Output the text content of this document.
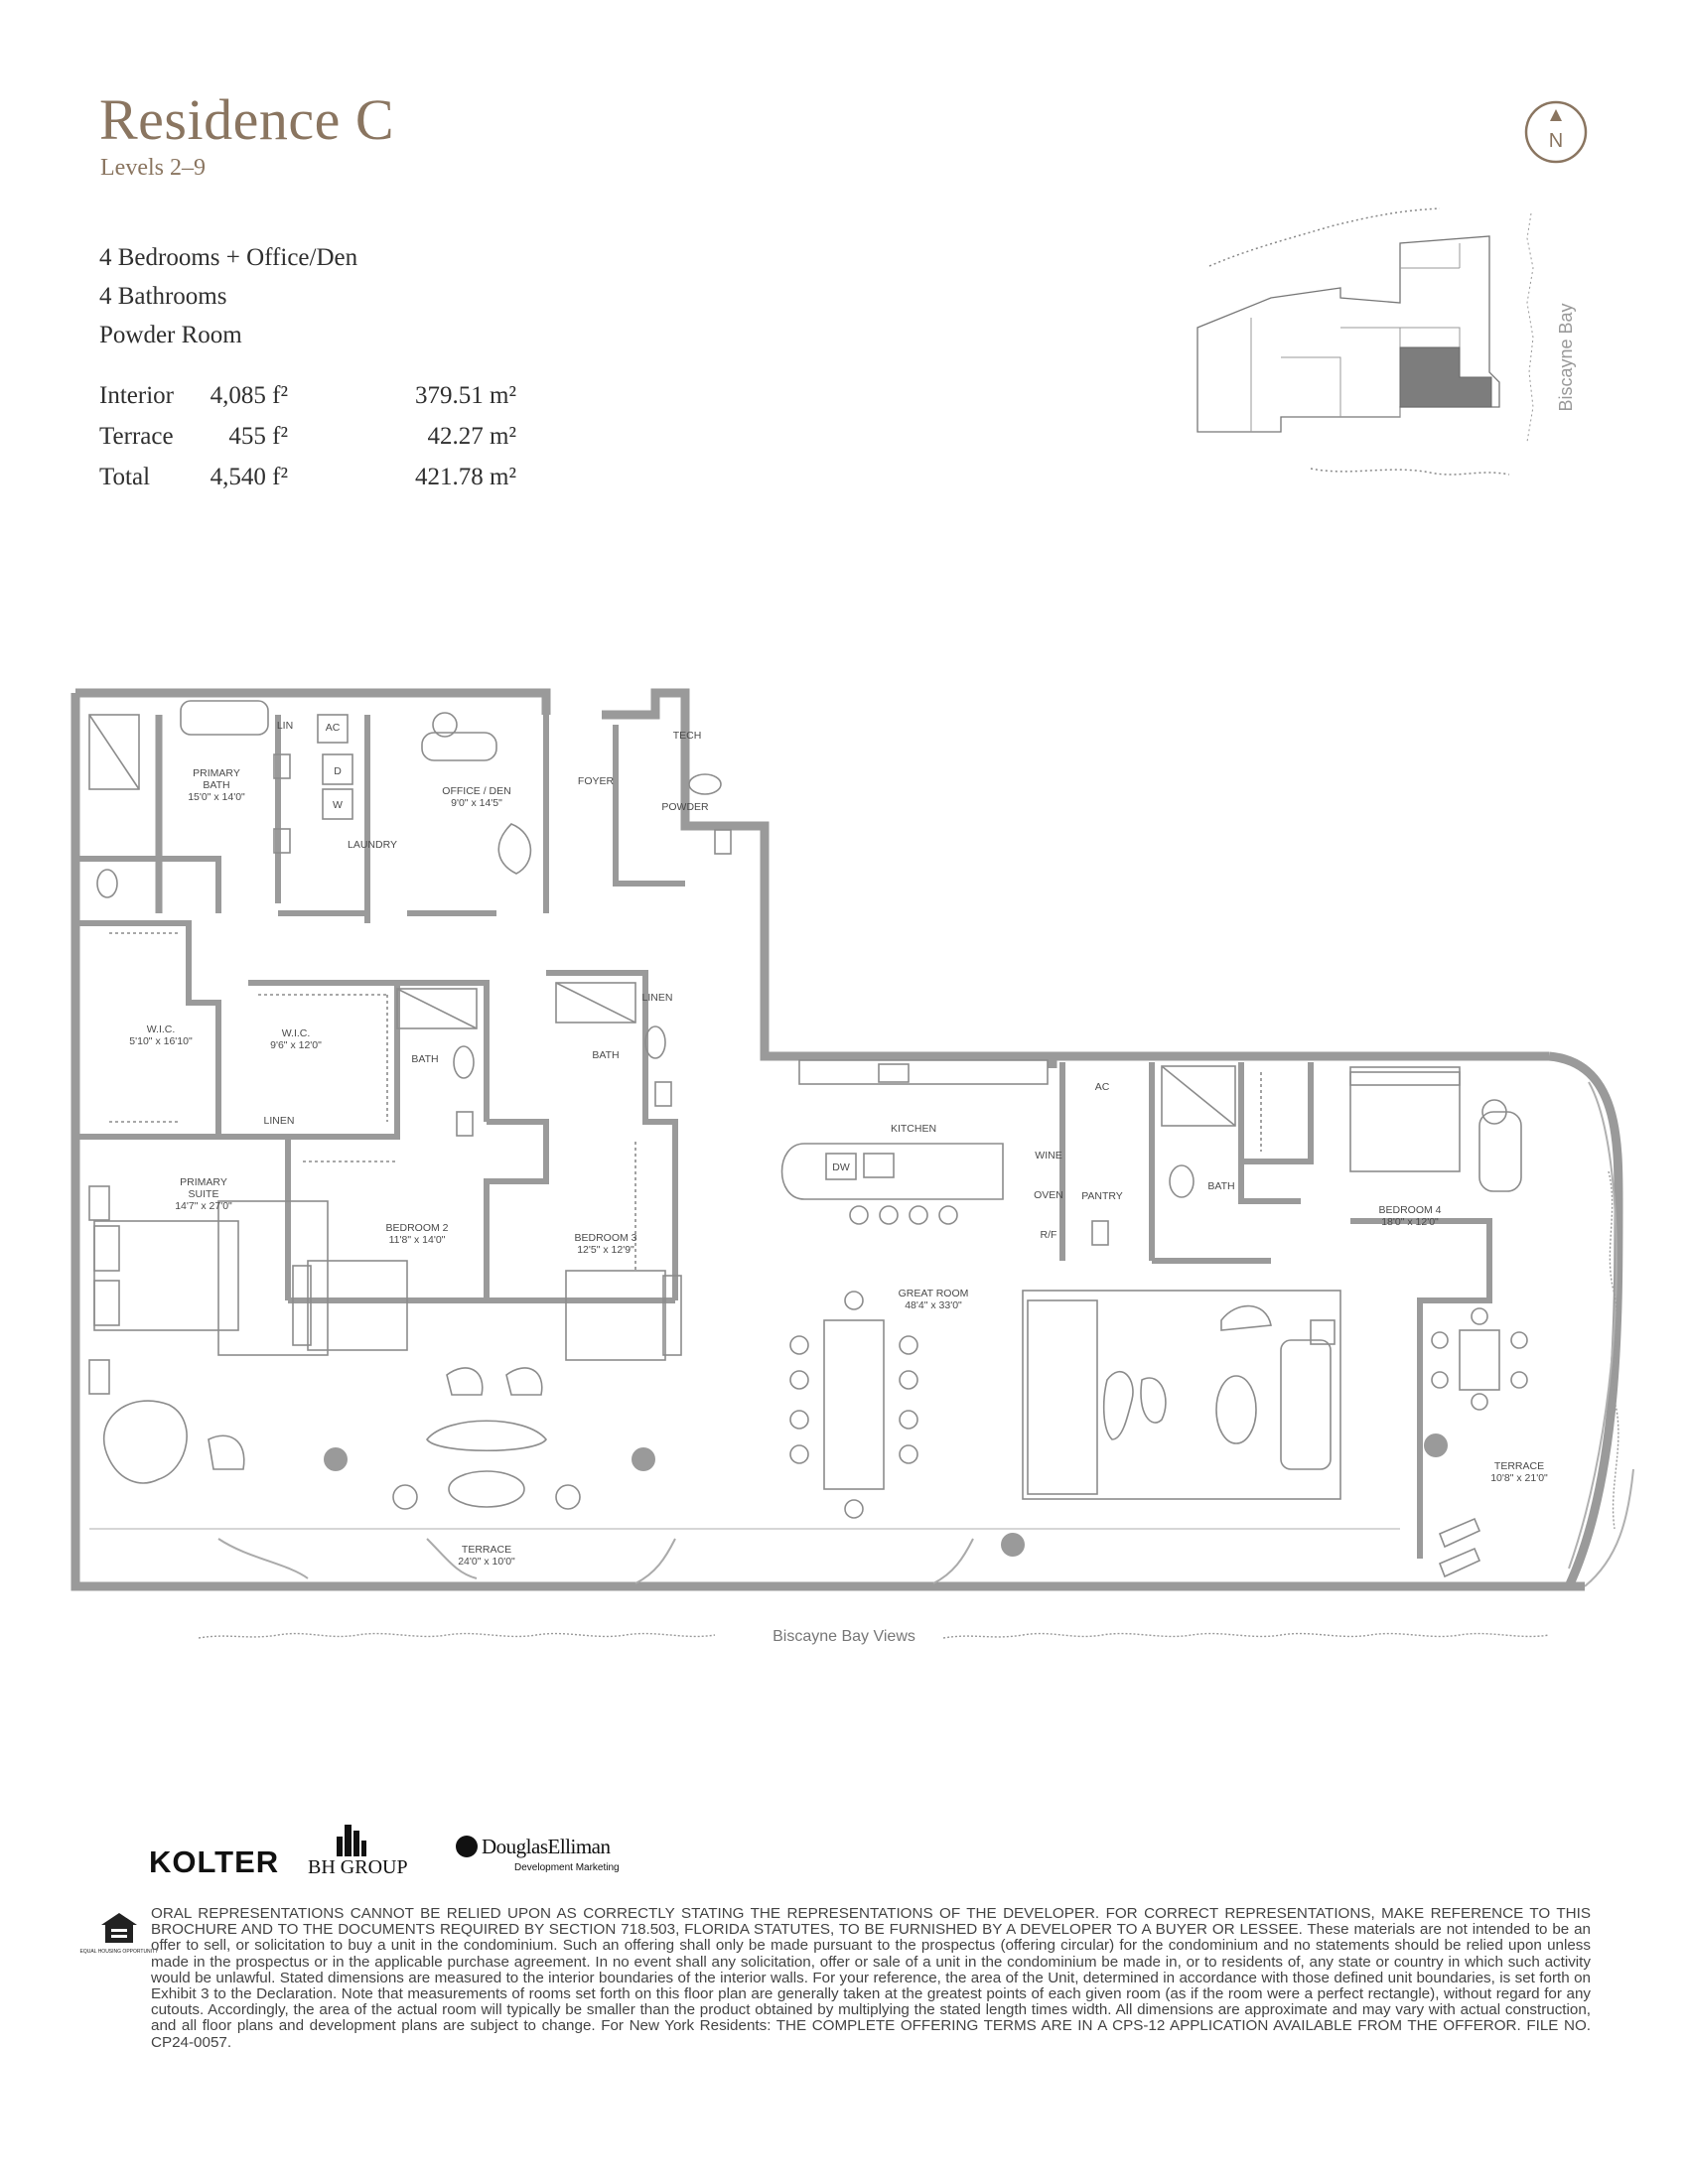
Residence C
Levels 2–9
4 Bedrooms + Office/Den
4 Bathrooms
Powder Room
Interior 4,085 f²	379.51 m²
Terrace 455 f²	42.27 m²
Total 4,540 f²	421.78 m²
N
Biscayne Bay
PRIMARY
BATH
15'0" x 14'0"
LIN	AC
D
W
LAUNDRY
OFFICE / DEN
9'0" x 14'5"
FOYER
TECH
POWDER
W.I.C.
5'10" x 16'10"
W.I.C.
9'6" x 12'0"
LINEN
LINEN
BATH	BATH
BATH
PRIMARY
SUITE
14'7" x 27'0"
BEDROOM 2
11'8" x 14'0"	BEDROOM 3
12'5" x 12'9"
KITCHEN
DW
WINE
OVEN
R/F
PANTRY
AC
GREAT ROOM
48'4" x 33'0"
BEDROOM 4
18'0" x 12'0"
TERRACE
24'0" x 10'0"
TERRACE
10'8" x 21'0"
Biscayne Bay Views
KOLTER BH GROUP
DouglasElliman
Development Marketing
EQUAL HOUSING OPPORTUNITY
ORAL REPRESENTATIONS CANNOT BE RELIED UPON AS CORRECTLY STATING THE REPRESENTATIONS OF THE DEVELOPER. FOR CORRECT REPRESENTATIONS, MAKE REFERENCE TO THIS BROCHURE AND TO THE DOCUMENTS REQUIRED BY SECTION 718.503, FLORIDA STATUTES, TO BE FURNISHED BY A DEVELOPER TO A BUYER OR LESSEE. These materials are not intended to be an offer to sell, or solicitation to buy a unit in the condominium. Such an offering shall only be made pursuant to the prospectus (offering circular) for the condominium and no statements should be relied upon unless made in the prospectus or in the applicable purchase agreement. In no event shall any solicitation, offer or sale of a unit in the condominium be made in, or to residents of, any state or country in which such activity would be unlawful. Stated dimensions are measured to the interior boundaries of the interior walls. For your reference, the area of the Unit, determined in accordance with those defined unit boundaries, is set forth on Exhibit 3 to the Declaration. Note that measurements of rooms set forth on this floor plan are generally taken at the greatest points of each given room (as if the room were a perfect rectangle), without regard for any cutouts. Accordingly, the area of the actual room will typically be smaller than the product obtained by multiplying the stated length times width. All dimensions are approximate and may vary with actual construction, and all floor plans and development plans are subject to change. For New York Residents: THE COMPLETE OFFERING TERMS ARE IN A CPS-12 APPLICATION AVAILABLE FROM THE OFFEROR. FILE NO. CP24-0057.
